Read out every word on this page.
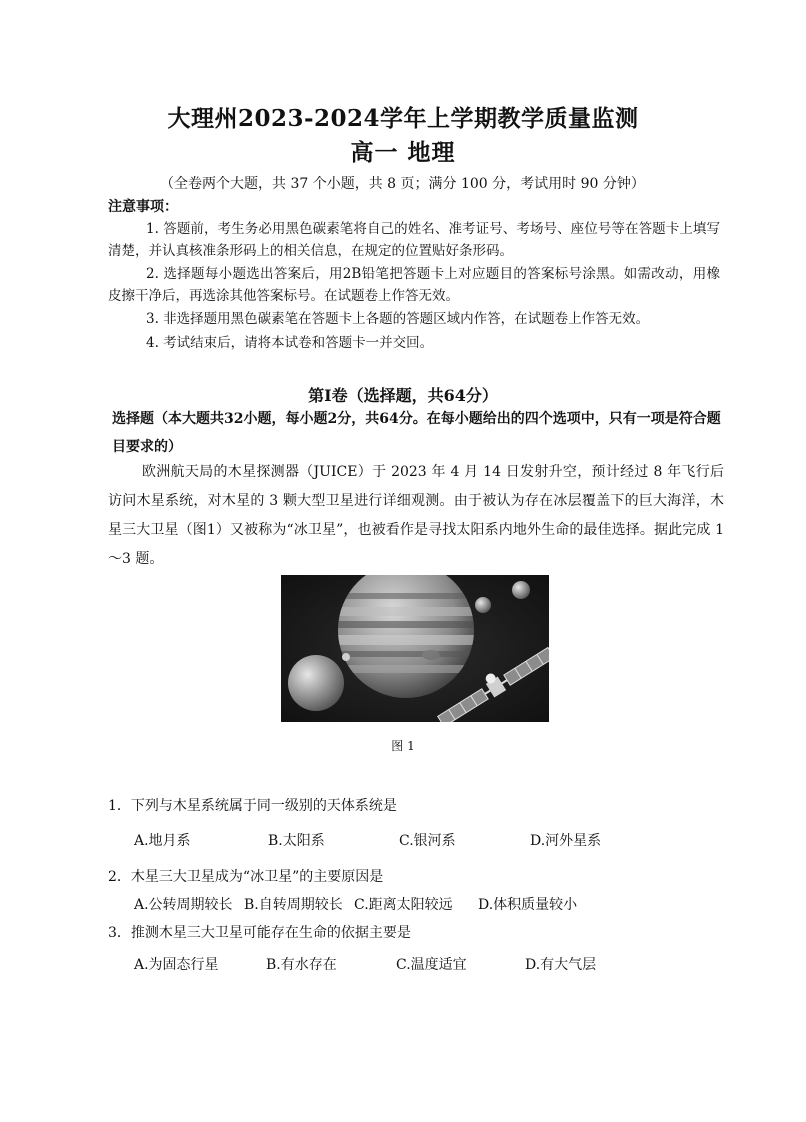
大理州2023-2024学年上学期教学质量监测
高一 地理
（全卷两个大题，共 37 个小题，共 8 页；满分 100 分，考试用时 90 分钟）
注意事项：
1. 答题前，考生务必用黑色碳素笔将自己的姓名、准考证号、考场号、座位号等在答题卡上填写清楚，并认真核准条形码上的相关信息，在规定的位置贴好条形码。
2. 选择题每小题选出答案后，用2B铅笔把答题卡上对应题目的答案标号涂黑。如需改动，用橡皮擦干净后，再选涂其他答案标号。在试题卷上作答无效。
3. 非选择题用黑色碳素笔在答题卡上各题的答题区域内作答，在试题卷上作答无效。
4. 考试结束后，请将本试卷和答题卡一并交回。
第Ⅰ卷（选择题，共64分）
选择题（本大题共32小题，每小题2分，共64分。在每小题给出的四个选项中，只有一项是符合题目要求的）
欧洲航天局的木星探测器（JUICE）于 2023 年 4 月 14 日发射升空，预计经过 8 年飞行后访问木星系统，对木星的 3 颗大型卫星进行详细观测。由于被认为存在冰层覆盖下的巨大海洋，木星三大卫星（图1）又被称为“冰卫星”，也被看作是寻找太阳系内地外生命的最佳选择。据此完成 1～3 题。
图 1
1．下列与木星系统属于同一级别的天体系统是
A.地月系	B.太阳系	C.银河系	D.河外星系
2．木星三大卫星成为“冰卫星”的主要原因是
A.公转周期较长 B.自转周期较长 C.距离太阳较远 D.体积质量较小
3．推测木星三大卫星可能存在生命的依据主要是
A.为固态行星	B.有水存在	C.温度适宜	D.有大气层
